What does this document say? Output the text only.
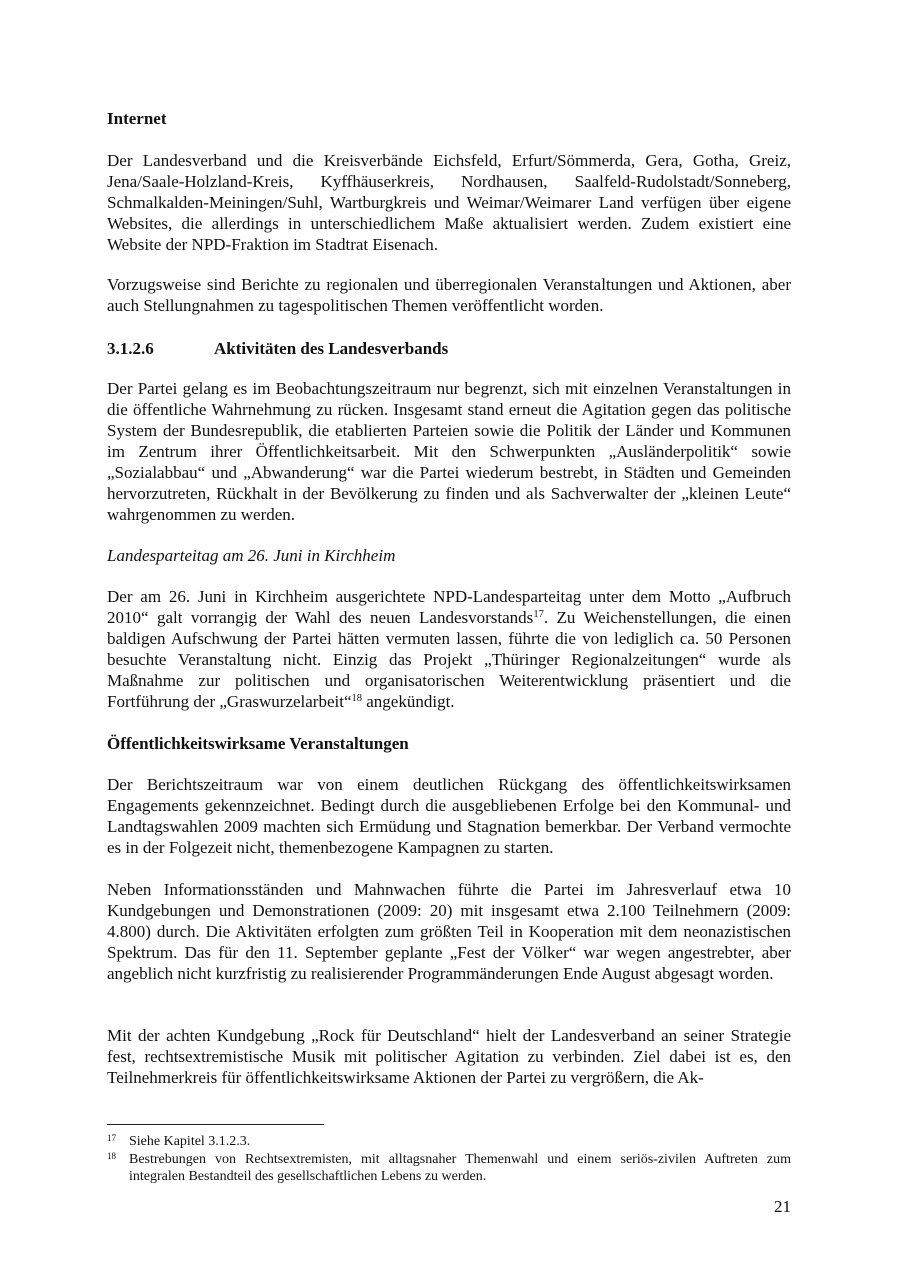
Internet

Der Landesverband und die Kreisverbände Eichsfeld, Erfurt/Sömmerda, Gera, Gotha, Greiz, Jena/Saale-Holzland-Kreis, Kyffhäuserkreis, Nordhausen, Saalfeld-Rudolstadt/Sonneberg, Schmalkalden-Meiningen/Suhl, Wartburgkreis und Weimar/Weimarer Land verfügen über eigene Websites, die allerdings in unterschiedlichem Maße aktualisiert werden. Zudem existiert eine Website der NPD-Fraktion im Stadtrat Eisenach.

Vorzugsweise sind Berichte zu regionalen und überregionalen Veranstaltungen und Aktionen, aber auch Stellungnahmen zu tagespolitischen Themen veröffentlicht worden.

3.1.2.6	Aktivitäten des Landesverbands

Der Partei gelang es im Beobachtungszeitraum nur begrenzt, sich mit einzelnen Veranstaltungen in die öffentliche Wahrnehmung zu rücken. Insgesamt stand erneut die Agitation gegen das politische System der Bundesrepublik, die etablierten Parteien sowie die Politik der Länder und Kommunen im Zentrum ihrer Öffentlichkeitsarbeit. Mit den Schwerpunkten „Ausländerpolitik“ sowie „Sozialabbau“ und „Abwanderung“ war die Partei wiederum bestrebt, in Städten und Gemeinden hervorzutreten, Rückhalt in der Bevölkerung zu finden und als Sachverwalter der „kleinen Leute“ wahrgenommen zu werden.

Landesparteitag am 26. Juni in Kirchheim

Der am 26. Juni in Kirchheim ausgerichtete NPD-Landesparteitag unter dem Motto „Aufbruch 2010“ galt vorrangig der Wahl des neuen Landesvorstands$^{17}$. Zu Weichenstellungen, die einen baldigen Aufschwung der Partei hätten vermuten lassen, führte die von lediglich ca. 50 Personen besuchte Veranstaltung nicht. Einzig das Projekt „Thüringer Regionalzeitungen“ wurde als Maßnahme zur politischen und organisatorischen Weiterentwicklung präsentiert und die Fortführung der „Graswurzelarbeit“$^{18}$ angekündigt.

Öffentlichkeitswirksame Veranstaltungen

Der Berichtszeitraum war von einem deutlichen Rückgang des öffentlichkeitswirksamen Engagements gekennzeichnet. Bedingt durch die ausgebliebenen Erfolge bei den Kommunal- und Landtagswahlen 2009 machten sich Ermüdung und Stagnation bemerkbar. Der Verband vermochte es in der Folgezeit nicht, themenbezogene Kampagnen zu starten.

Neben Informationsständen und Mahnwachen führte die Partei im Jahresverlauf etwa 10 Kundgebungen und Demonstrationen (2009: 20) mit insgesamt etwa 2.100 Teilnehmern (2009: 4.800) durch. Die Aktivitäten erfolgten zum größten Teil in Kooperation mit dem neonazistischen Spektrum. Das für den 11. September geplante „Fest der Völker“ war wegen angestrebter, aber angeblich nicht kurzfristig zu realisierender Programmänderungen Ende August abgesagt worden.

Mit der achten Kundgebung „Rock für Deutschland“ hielt der Landesverband an seiner Strategie fest, rechtsextremistische Musik mit politischer Agitation zu verbinden. Ziel dabei ist es, den Teilnehmerkreis für öffentlichkeitswirksame Aktionen der Partei zu vergrößern, die Ak-

17 Siehe Kapitel 3.1.2.3.
18 Bestrebungen von Rechtsextremisten, mit alltagsnaher Themenwahl und einem seriös-zivilen Auftreten zum integralen Bestandteil des gesellschaftlichen Lebens zu werden.
21
